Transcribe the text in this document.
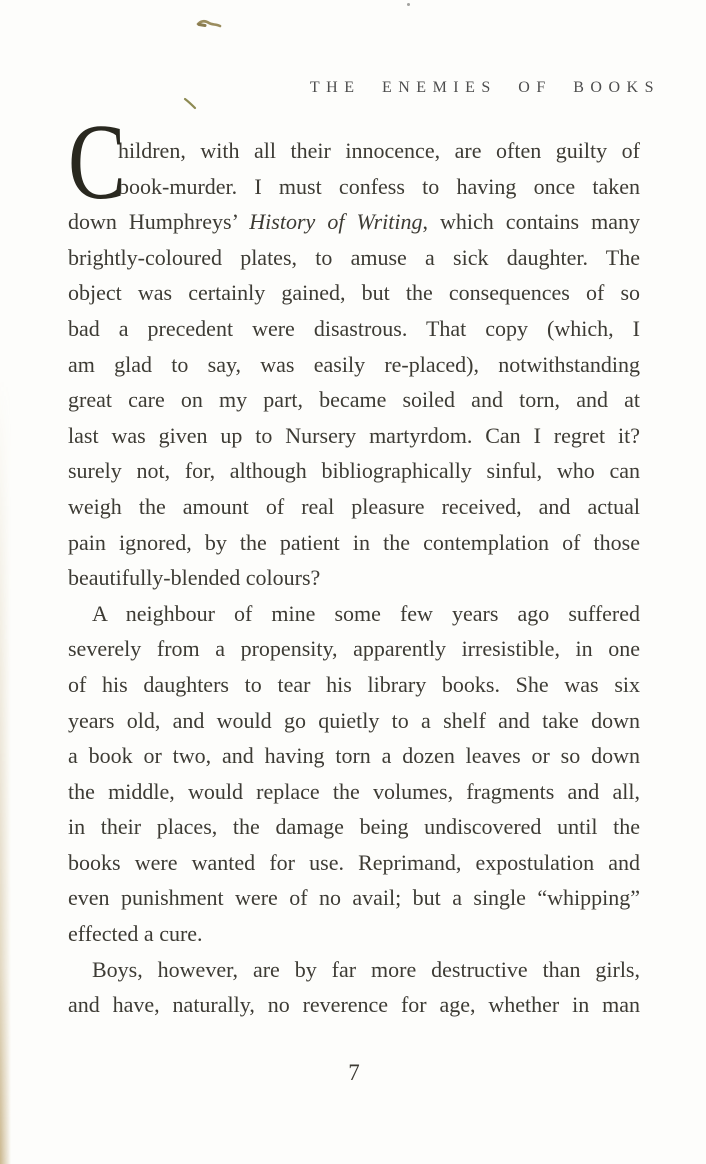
THE ENEMIES OF BOOKS
C
hildren, with all their innocence, are often guilty of
book-murder. I must confess to having once taken
down Humphreys’ History of Writing, which contains many
brightly-coloured plates, to amuse a sick daughter. The
object was certainly gained, but the consequences of so
bad a precedent were disastrous. That copy (which, I
am glad to say, was easily re-placed), notwithstanding
great care on my part, became soiled and torn, and at
last was given up to Nursery martyrdom. Can I regret it?
surely not, for, although bibliographically sinful, who can
weigh the amount of real pleasure received, and actual
pain ignored, by the patient in the contemplation of those
beautifully-blended colours?
A neighbour of mine some few years ago suffered
severely from a propensity, apparently irresistible, in one
of his daughters to tear his library books. She was six
years old, and would go quietly to a shelf and take down
a book or two, and having torn a dozen leaves or so down
the middle, would replace the volumes, fragments and all,
in their places, the damage being undiscovered until the
books were wanted for use. Reprimand, expostulation and
even punishment were of no avail; but a single “whipping”
effected a cure.
Boys, however, are by far more destructive than girls,
and have, naturally, no reverence for age, whether in man
7
